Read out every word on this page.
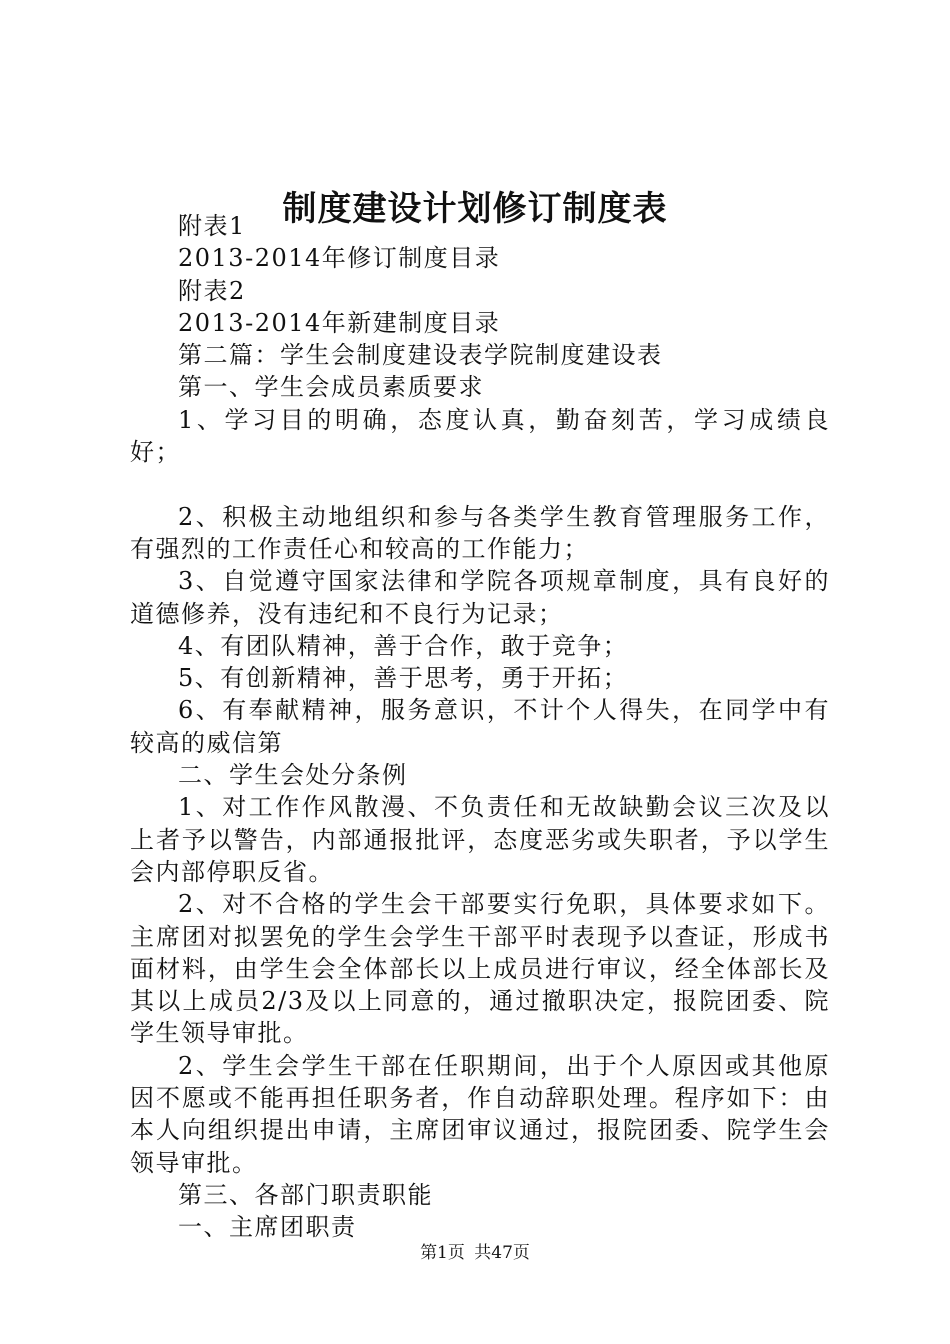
制度建设计划修订制度表

附表1

2013-2014年修订制度目录

附表2

2013-2014年新建制度目录

第二篇：学生会制度建设表学院制度建设表

第一、学生会成员素质要求

1、学习目的明确，态度认真，勤奋刻苦，学习成绩良好；

2、积极主动地组织和参与各类学生教育管理服务工作，有强烈的工作责任心和较高的工作能力；

3、自觉遵守国家法律和学院各项规章制度，具有良好的道德修养，没有违纪和不良行为记录；

4、有团队精神，善于合作，敢于竞争；

5、有创新精神，善于思考，勇于开拓；

6、有奉献精神，服务意识，不计个人得失，在同学中有较高的威信第

二、学生会处分条例

1、对工作作风散漫、不负责任和无故缺勤会议三次及以上者予以警告，内部通报批评，态度恶劣或失职者，予以学生会内部停职反省。

2、对不合格的学生会干部要实行免职，具体要求如下。主席团对拟罢免的学生会学生干部平时表现予以查证，形成书面材料，由学生会全体部长以上成员进行审议，经全体部长及其以上成员2/3及以上同意的，通过撤职决定，报院团委、院学生领导审批。

2、学生会学生干部在任职期间，出于个人原因或其他原因不愿或不能再担任职务者，作自动辞职处理。程序如下：由本人向组织提出申请，主席团审议通过，报院团委、院学生会领导审批。

第三、各部门职责职能

一、主席团职责

第1页 共47页
